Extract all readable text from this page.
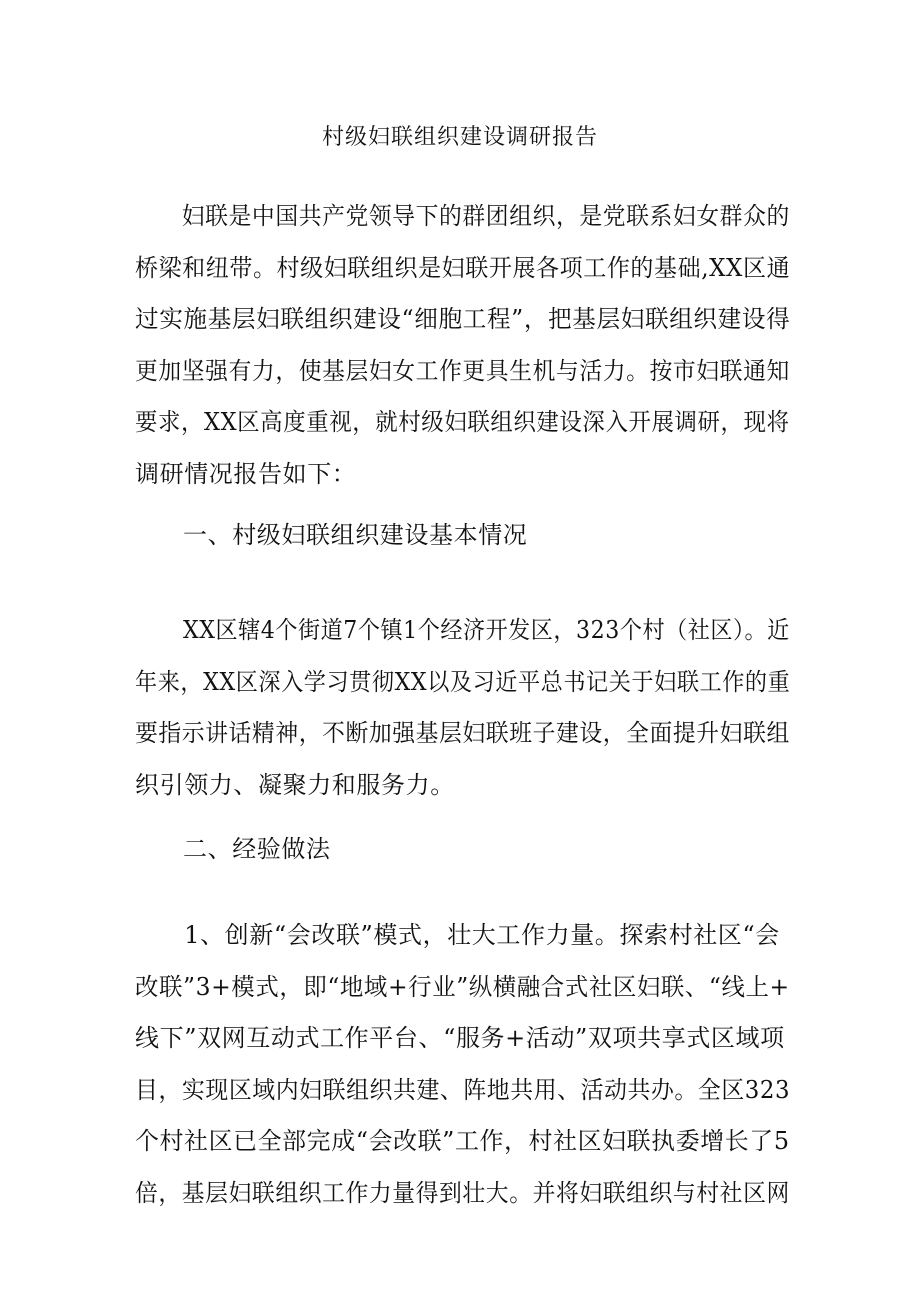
村级妇联组织建设调研报告
　　妇联是中国共产党领导下的群团组织，是党联系妇女群众的
桥梁和纽带。村级妇联组织是妇联开展各项工作的基础,XX区通
过实施基层妇联组织建设“细胞工程”，把基层妇联组织建设得
更加坚强有力，使基层妇女工作更具生机与活力。按市妇联通知
要求，XX区高度重视，就村级妇联组织建设深入开展调研，现将
调研情况报告如下：
一、村级妇联组织建设基本情况
XX区辖4个街道7个镇1个经济开发区，323个村（社区）。近
年来，XX区深入学习贯彻XX以及习近平总书记关于妇联工作的重
要指示讲话精神，不断加强基层妇联班子建设，全面提升妇联组
织引领力、凝聚力和服务力。
二、经验做法
　　1、创新“会改联”模式，壮大工作力量。探索村社区“会
改联”3+模式，即“地域+行业”纵横融合式社区妇联、“线上+
线下”双网互动式工作平台、“服务+活动”双项共享式区域项
目，实现区域内妇联组织共建、阵地共用、活动共办。全区323
个村社区已全部完成“会改联”工作，村社区妇联执委增长了5
倍，基层妇联组织工作力量得到壮大。并将妇联组织与村社区网
